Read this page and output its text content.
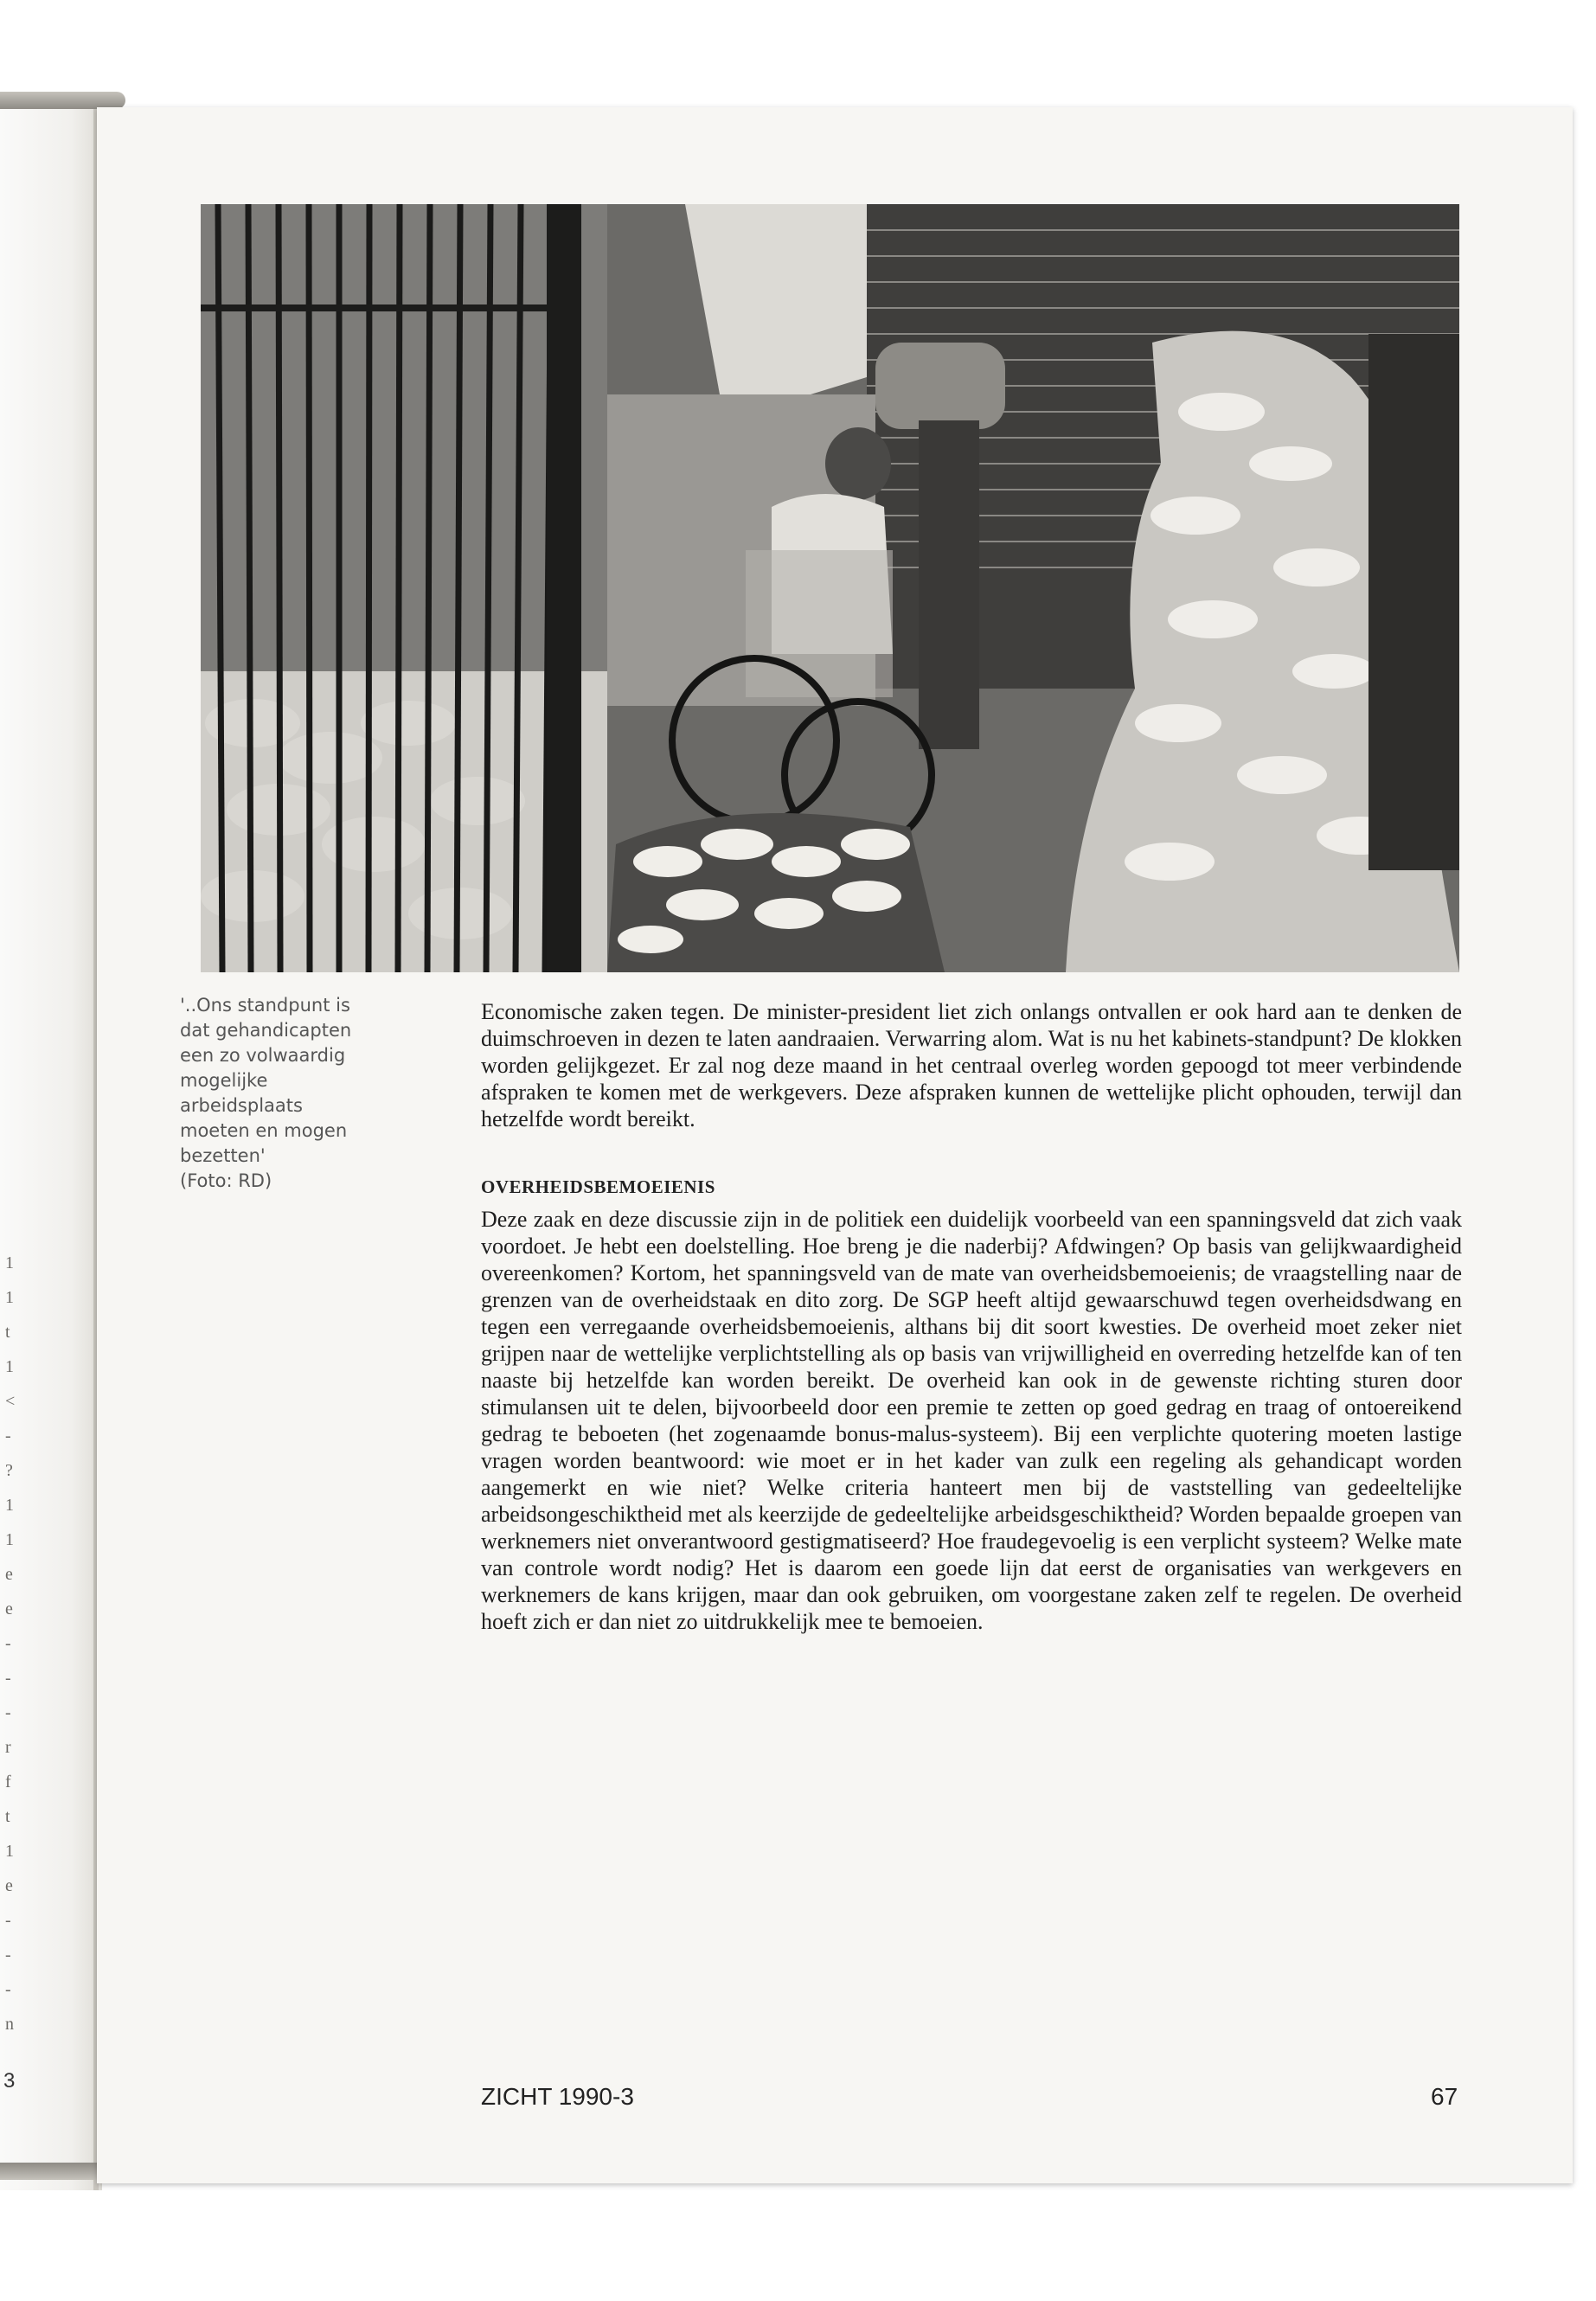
1
1
t
1
<
-
?
1
1
e
e
-
-
-
r
f
t
1
e
-
-
-
n
3
'..Ons standpunt is
dat gehandicapten
een zo volwaardig
mogelijke
arbeidsplaats
moeten en mogen
bezetten'
(Foto: RD)

Economische zaken tegen. De minister-president liet zich onlangs ontvallen er ook hard aan te denken de duimschroeven in dezen te laten aandraaien. Verwarring alom. Wat is nu het kabinets-standpunt? De klokken worden gelijkgezet. Er zal nog deze maand in het centraal overleg worden gepoogd tot meer verbindende afspraken te komen met de werkgevers. Deze afspraken kunnen de wettelijke plicht ophouden, terwijl dan hetzelfde wordt bereikt.

OVERHEIDSBEMOEIENIS

Deze zaak en deze discussie zijn in de politiek een duidelijk voorbeeld van een spanningsveld dat zich vaak voordoet. Je hebt een doelstelling. Hoe breng je die naderbij? Afdwingen? Op basis van gelijkwaardigheid overeenkomen? Kortom, het spanningsveld van de mate van overheidsbemoeienis; de vraagstelling naar de grenzen van de overheidstaak en dito zorg. De SGP heeft altijd gewaarschuwd tegen overheidsdwang en tegen een verregaande overheidsbemoeienis, althans bij dit soort kwesties. De overheid moet zeker niet grijpen naar de wettelijke verplichtstelling als op basis van vrijwilligheid en overreding hetzelfde kan of ten naaste bij hetzelfde kan worden bereikt. De overheid kan ook in de gewenste richting sturen door stimulansen uit te delen, bijvoorbeeld door een premie te zetten op goed gedrag en traag of ontoereikend gedrag te beboeten (het zogenaamde bonus-malus-systeem). Bij een verplichte quotering moeten lastige vragen worden beantwoord: wie moet er in het kader van zulk een regeling als gehandicapt worden aangemerkt en wie niet? Welke criteria hanteert men bij de vaststelling van gedeeltelijke arbeidsongeschiktheid met als keerzijde de gedeeltelijke arbeidsgeschiktheid? Worden bepaalde groepen van werknemers niet onverantwoord gestigmatiseerd? Hoe fraudegevoelig is een verplicht systeem? Welke mate van controle wordt nodig? Het is daarom een goede lijn dat eerst de organisaties van werkgevers en werknemers de kans krijgen, maar dan ook gebruiken, om voorgestane zaken zelf te regelen. De overheid hoeft zich er dan niet zo uitdrukkelijk mee te bemoeien.

ZICHT 1990-3	67
